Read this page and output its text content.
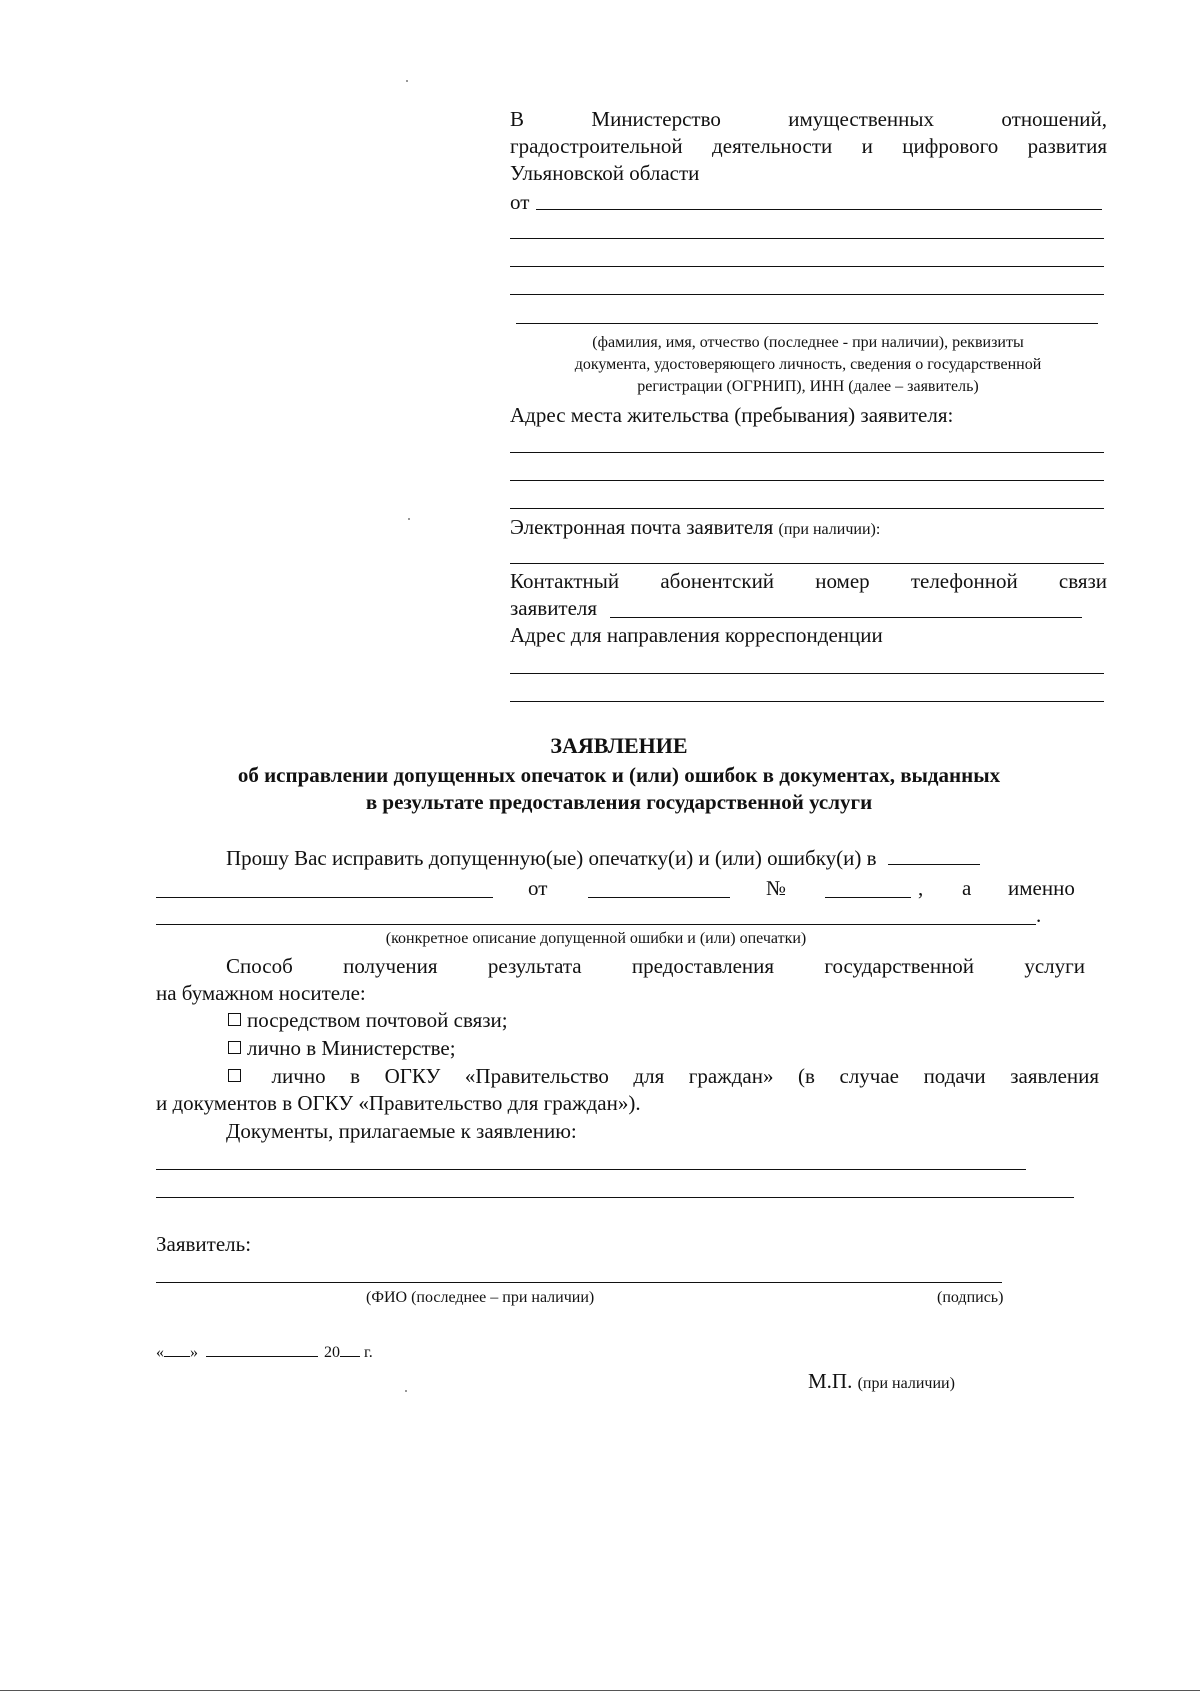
В	Министерство	имущественных	отношений,
градостроительной деятельности и цифрового развития
Ульяновской области
от
(фамилия, имя, отчество (последнее - при наличии), реквизиты
документа, удостоверяющего личность, сведения о государственной
регистрации (ОГРНИП), ИНН (далее – заявитель)
Адрес места жительства (пребывания) заявителя:
Электронная почта заявителя (при наличии):
Контактный абонентский номер телефонной связи
заявителя
Адрес для направления корреспонденции
ЗАЯВЛЕНИЕ
об исправлении допущенных опечаток и (или) ошибок в документах, выданных
в результате предоставления государственной услуги
Прошу Вас исправить допущенную(ые) опечатку(и) и (или) ошибку(и) в
от	№	, а именно
.
(конкретное описание допущенной ошибки и (или) опечатки)
Способ получения результата предоставления государственной услуги
на бумажном носителе:
посредством почтовой связи;
лично в Министерстве;
лично в ОГКУ «Правительство для граждан» (в случае подачи заявления
и документов в ОГКУ «Правительство для граждан»).
Документы, прилагаемые к заявлению:
Заявитель:
(ФИО (последнее – при наличии)	(подпись)
« »	20 г.
М.П. (при наличии)
